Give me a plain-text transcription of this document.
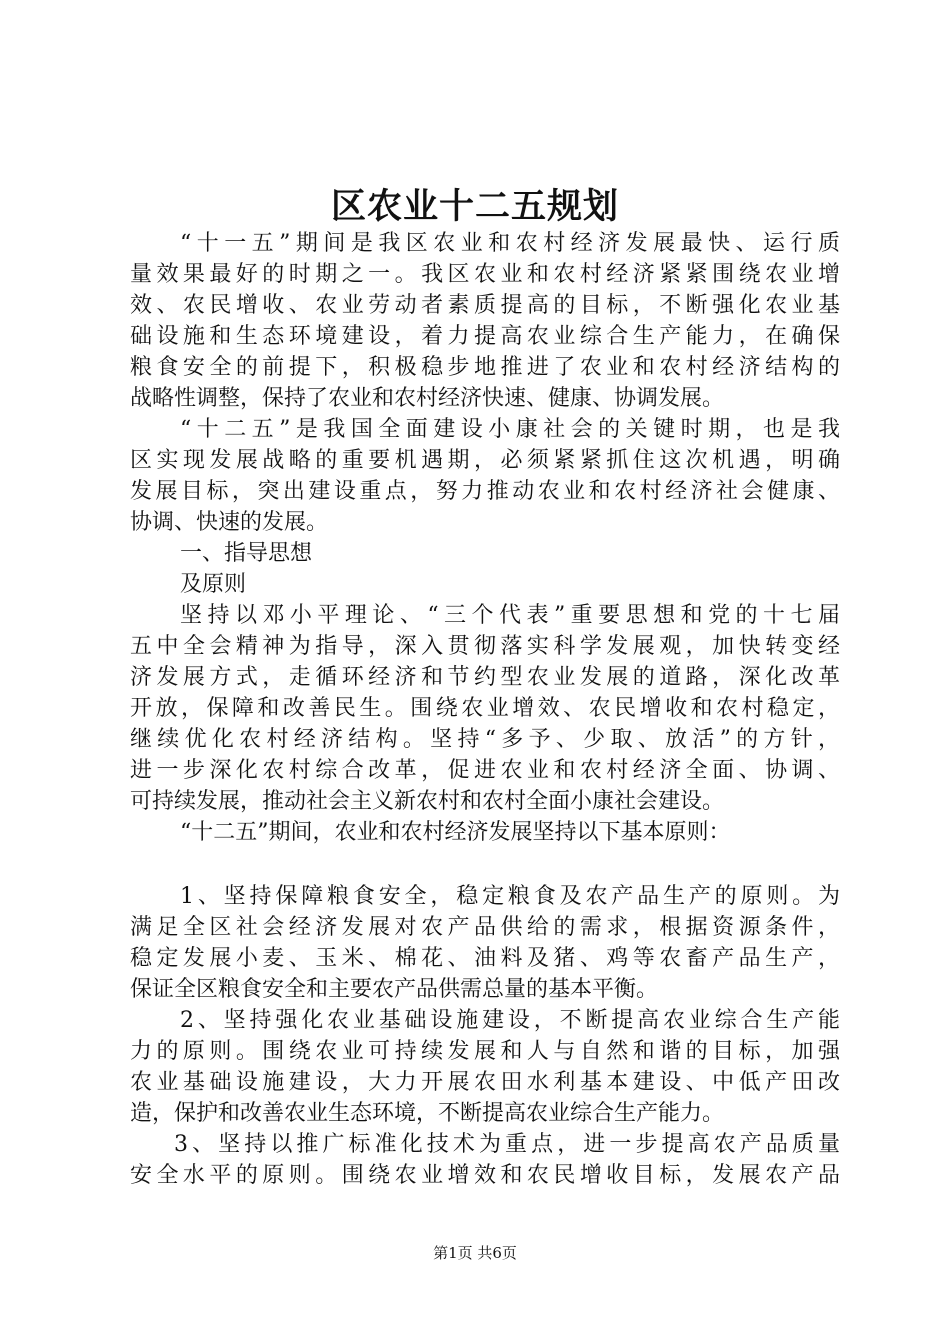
区农业十二五规划
“十一五”期间是我区农业和农村经济发展最快、运行质
量效果最好的时期之一。我区农业和农村经济紧紧围绕农业增
效、农民增收、农业劳动者素质提高的目标，不断强化农业基
础设施和生态环境建设，着力提高农业综合生产能力，在确保
粮食安全的前提下，积极稳步地推进了农业和农村经济结构的
战略性调整，保持了农业和农村经济快速、健康、协调发展。
“十二五”是我国全面建设小康社会的关键时期，也是我
区实现发展战略的重要机遇期，必须紧紧抓住这次机遇，明确
发展目标，突出建设重点，努力推动农业和农村经济社会健康、
协调、快速的发展。
一、指导思想
及原则
坚持以邓小平理论、“三个代表”重要思想和党的十七届
五中全会精神为指导，深入贯彻落实科学发展观，加快转变经
济发展方式，走循环经济和节约型农业发展的道路，深化改革
开放，保障和改善民生。围绕农业增效、农民增收和农村稳定，
继续优化农村经济结构。坚持“多予、少取、放活”的方针，
进一步深化农村综合改革，促进农业和农村经济全面、协调、
可持续发展，推动社会主义新农村和农村全面小康社会建设。
“十二五”期间，农业和农村经济发展坚持以下基本原则：
1、坚持保障粮食安全，稳定粮食及农产品生产的原则。为
满足全区社会经济发展对农产品供给的需求，根据资源条件，
稳定发展小麦、玉米、棉花、油料及猪、鸡等农畜产品生产，
保证全区粮食安全和主要农产品供需总量的基本平衡。
2、坚持强化农业基础设施建设，不断提高农业综合生产能
力的原则。围绕农业可持续发展和人与自然和谐的目标，加强
农业基础设施建设，大力开展农田水利基本建设、中低产田改
造，保护和改善农业生态环境，不断提高农业综合生产能力。
3、坚持以推广标准化技术为重点，进一步提高农产品质量
安全水平的原则。围绕农业增效和农民增收目标，发展农产品
第1页 共6页
